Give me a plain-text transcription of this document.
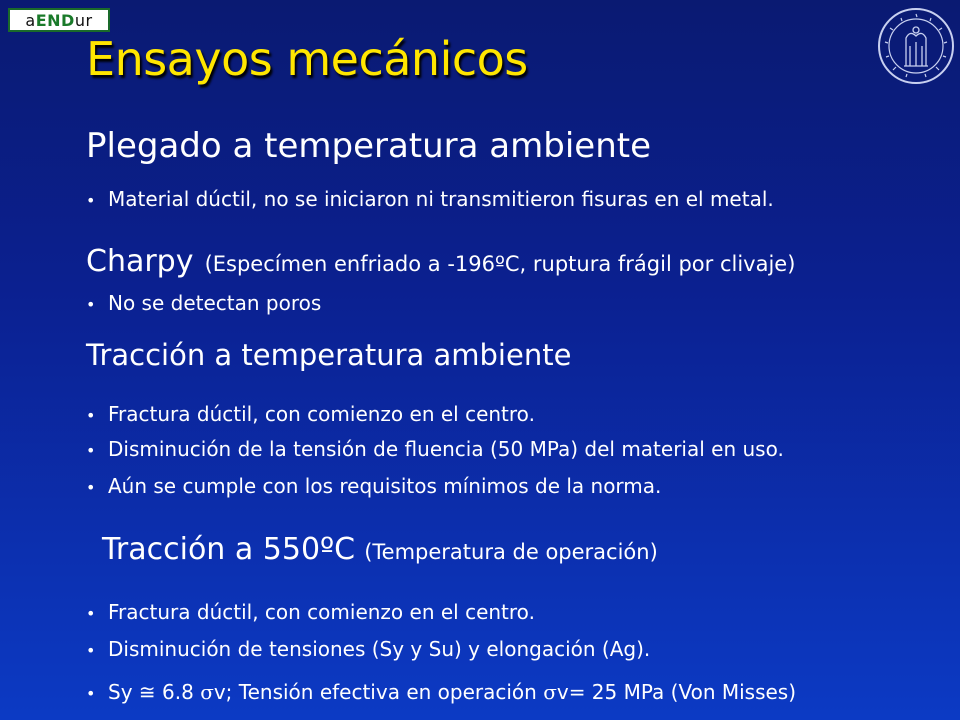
a END ur
Ensayos mecánicos
Plegado a temperatura ambiente
• Material dúctil, no se iniciaron ni transmitieron fisuras en el metal.
Charpy (Especímen enfriado a -196ºC, ruptura frágil por clivaje)
• No se detectan poros
Tracción a temperatura ambiente
• Fractura dúctil, con comienzo en el centro.
• Disminución de la tensión de fluencia (50 MPa) del material en uso.
• Aún se cumple con los requisitos mínimos de la norma.
Tracción a 550ºC (Temperatura de operación)
• Fractura dúctil, con comienzo en el centro.
• Disminución de tensiones (Sy y Su) y elongación (Ag).
• Sy ≅ 6.8 σv; Tensión efectiva en operación σv= 25 MPa (Von Misses)
